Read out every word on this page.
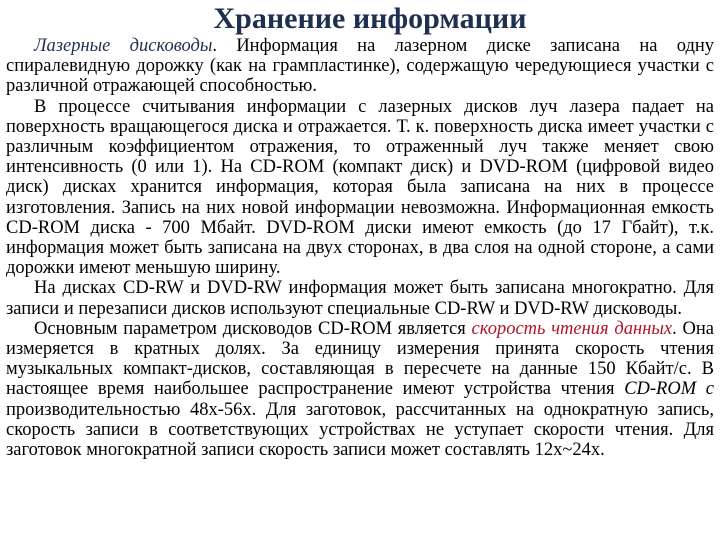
Хранение информации

Лазерные дисководы. Информация на лазерном диске записана на одну спиралевидную дорожку (как на грампластинке), содержащую чередующиеся участки с различной отражающей способностью.

В процессе считывания информации с лазерных дисков луч лазера падает на поверхность вращающегося диска и отражается. Т. к. поверхность диска имеет участки с различным коэффициентом отражения, то отраженный луч также меняет свою интенсивность (0 или 1). На CD-ROM (компакт диск) и DVD-ROM (цифровой видео диск) дисках хранится информация, которая была записана на них в процессе изготовления. Запись на них новой информации невозможна. Информационная емкость CD-ROM диска - 700 Мбайт. DVD-ROM диски имеют емкость (до 17 Гбайт), т.к. информация может быть записана на двух сторонах, в два слоя на одной стороне, а сами дорожки имеют меньшую ширину.

На дисках CD-RW и DVD-RW информация может быть записана многократно. Для записи и перезаписи дисков используют специальные CD-RW и DVD-RW дисководы.

Основным параметром дисководов CD-ROM является скорость чтения данных. Она измеряется в кратных долях. За единицу измерения принята скорость чтения музыкальных компакт-дисков, составляющая в пересчете на данные 150 Кбайт/с. В настоящее время наибольшее распространение имеют устройства чтения CD-ROM с производительностью 48х-56х. Для заготовок, рассчитанных на однократную запись, скорость записи в соответствующих устройствах не уступает скорости чтения. Для заготовок многократной записи скорость записи может составлять 12х~24х.
